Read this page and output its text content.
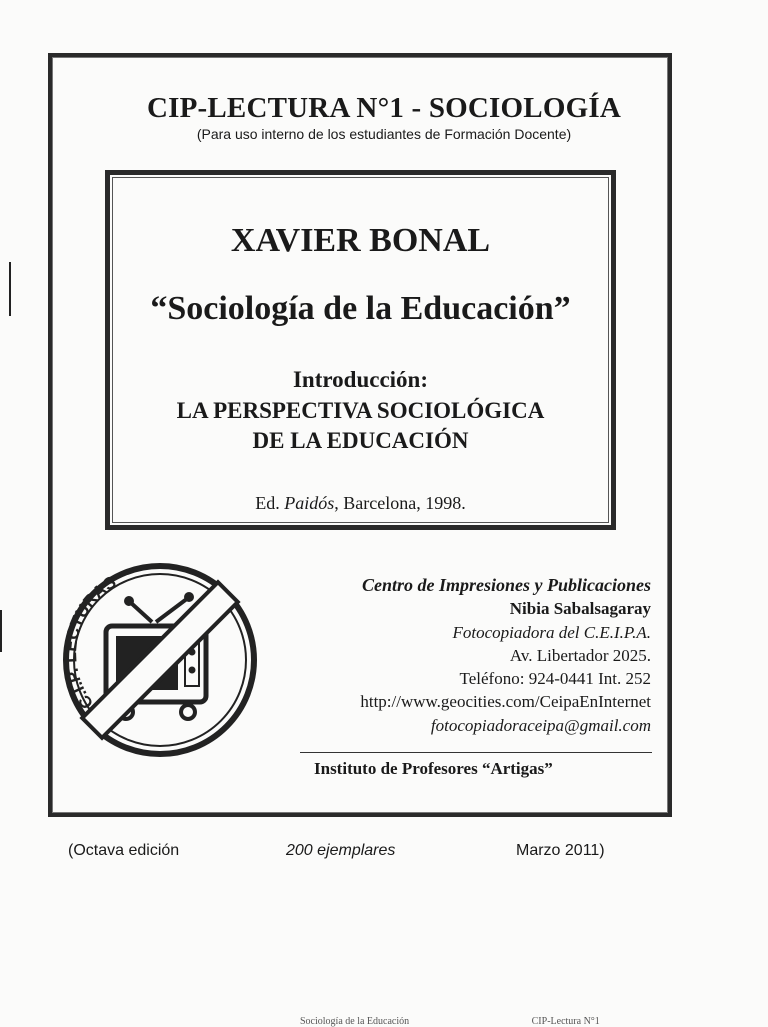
CIP-LECTURA N°1 - SOCIOLOGÍA
(Para uso interno de los estudiantes de Formación Docente)
XAVIER BONAL
“Sociología de la Educación”
Introducción:
LA PERSPECTIVA SOCIOLÓGICA
DE LA EDUCACIÓN
Ed. Paidós, Barcelona, 1998.
C.I.P. LECTURAS	Centro de Impresiones y Publicaciones
Nibia Sabalsagaray
Fotocopiadora del C.E.I.P.A.
Av. Libertador 2025.
Teléfono: 924-0441 Int. 252
http://www.geocities.com/CeipaEnInternet
fotocopiadoraceipa@gmail.com
Instituto de Profesores “Artigas”
(Octava edición	200 ejemplares	Marzo 2011)
Sociología de la Educación	CIP-Lectura N°1
